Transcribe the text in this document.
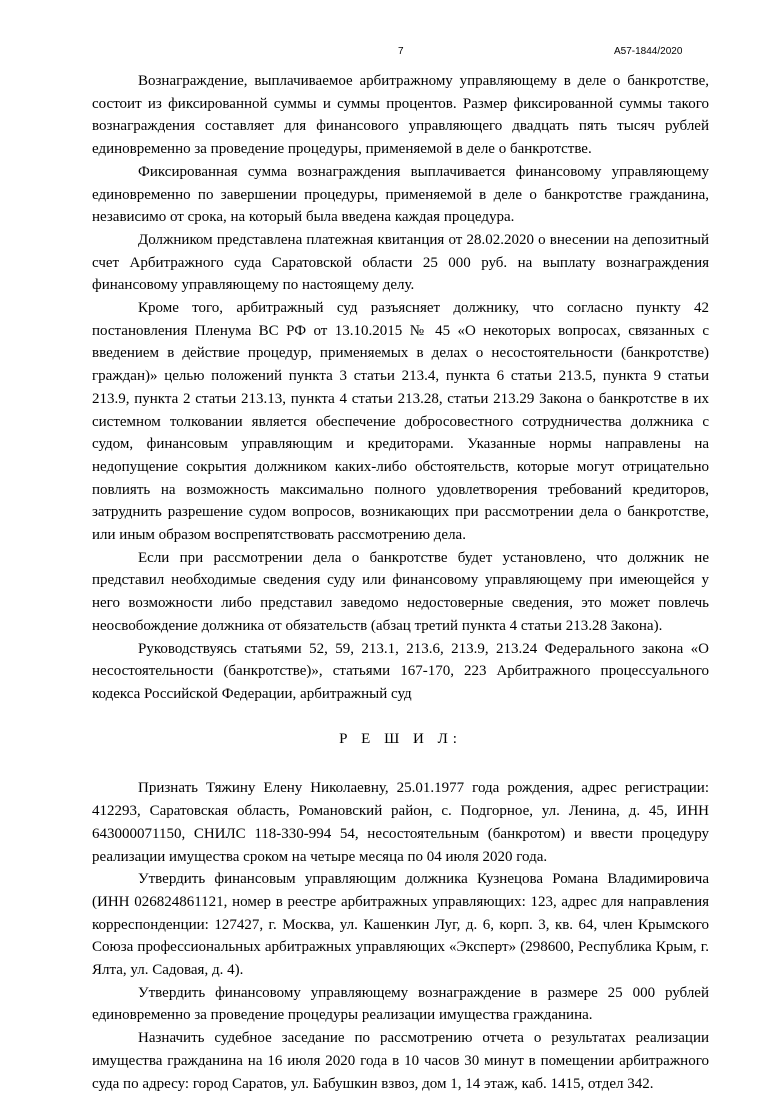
7	А57-1844/2020

Вознаграждение, выплачиваемое арбитражному управляющему в деле о банкротстве, состоит из фиксированной суммы и суммы процентов. Размер фиксированной суммы такого вознаграждения составляет для финансового управляющего двадцать пять тысяч рублей единовременно за проведение процедуры, применяемой в деле о банкротстве.

Фиксированная сумма вознаграждения выплачивается финансовому управляющему единовременно по завершении процедуры, применяемой в деле о банкротстве гражданина, независимо от срока, на который была введена каждая процедура.

Должником представлена платежная квитанция от 28.02.2020 о внесении на депозитный счет Арбитражного суда Саратовской области 25 000 руб. на выплату вознаграждения финансовому управляющему по настоящему делу.

Кроме того, арбитражный суд разъясняет должнику, что согласно пункту 42 постановления Пленума ВС РФ от 13.10.2015 № 45 «О некоторых вопросах, связанных с введением в действие процедур, применяемых в делах о несостоятельности (банкротстве) граждан)» целью положений пункта 3 статьи 213.4, пункта 6 статьи 213.5, пункта 9 статьи 213.9, пункта 2 статьи 213.13, пункта 4 статьи 213.28, статьи 213.29 Закона о банкротстве в их системном толковании является обеспечение добросовестного сотрудничества должника с судом, финансовым управляющим и кредиторами. Указанные нормы направлены на недопущение сокрытия должником каких-либо обстоятельств, которые могут отрицательно повлиять на возможность максимально полного удовлетворения требований кредиторов, затруднить разрешение судом вопросов, возникающих при рассмотрении дела о банкротстве, или иным образом воспрепятствовать рассмотрению дела.

Если при рассмотрении дела о банкротстве будет установлено, что должник не представил необходимые сведения суду или финансовому управляющему при имеющейся у него возможности либо представил заведомо недостоверные сведения, это может повлечь неосвобождение должника от обязательств (абзац третий пункта 4 статьи 213.28 Закона).

Руководствуясь статьями 52, 59, 213.1, 213.6, 213.9, 213.24 Федерального закона «О несостоятельности (банкротстве)», статьями 167-170, 223 Арбитражного процессуального кодекса Российской Федерации, арбитражный суд

Р Е Ш И Л:

Признать Тяжину Елену Николаевну, 25.01.1977 года рождения, адрес регистрации: 412293, Саратовская область, Романовский район, с. Подгорное, ул. Ленина, д. 45, ИНН 643000071150, СНИЛС 118-330-994 54, несостоятельным (банкротом) и ввести процедуру реализации имущества сроком на четыре месяца по 04 июля 2020 года.

Утвердить финансовым управляющим должника Кузнецова Романа Владимировича (ИНН 026824861121, номер в реестре арбитражных управляющих: 123, адрес для направления корреспонденции: 127427, г. Москва, ул. Кашенкин Луг, д. 6, корп. 3, кв. 64, член Крымского Союза профессиональных арбитражных управляющих «Эксперт» (298600, Республика Крым, г. Ялта, ул. Садовая, д. 4).

Утвердить финансовому управляющему вознаграждение в размере 25 000 рублей единовременно за проведение процедуры реализации имущества гражданина.

Назначить судебное заседание по рассмотрению отчета о результатах реализации имущества гражданина на 16 июля 2020 года в 10 часов 30 минут в помещении арбитражного суда по адресу: город Саратов, ул. Бабушкин взвоз, дом 1, 14 этаж, каб. 1415, отдел 342.
